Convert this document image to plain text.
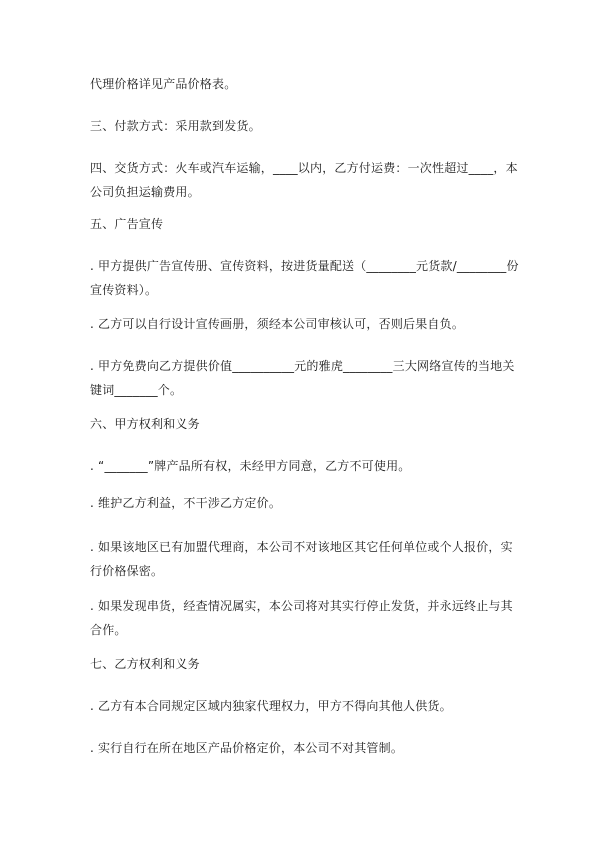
代理价格详见产品价格表。

三、付款方式：采用款到发货。

四、交货方式：火车或汽车运输，____以内，乙方付运费：一次性超过____，本公司负担运输费用。

五、广告宣传

. 甲方提供广告宣传册、宣传资料，按进货量配送（________元货款/________份宣传资料）。

. 乙方可以自行设计宣传画册，须经本公司审核认可，否则后果自负。

. 甲方免费向乙方提供价值__________元的雅虎________三大网络宣传的当地关键词_______个。

六、甲方权利和义务

. “_______”牌产品所有权，未经甲方同意，乙方不可使用。

. 维护乙方利益，不干涉乙方定价。

. 如果该地区已有加盟代理商，本公司不对该地区其它任何单位或个人报价，实行价格保密。

. 如果发现串货，经查情况属实，本公司将对其实行停止发货，并永远终止与其合作。

七、乙方权利和义务

. 乙方有本合同规定区域内独家代理权力，甲方不得向其他人供货。

. 实行自行在所在地区产品价格定价，本公司不对其管制。
